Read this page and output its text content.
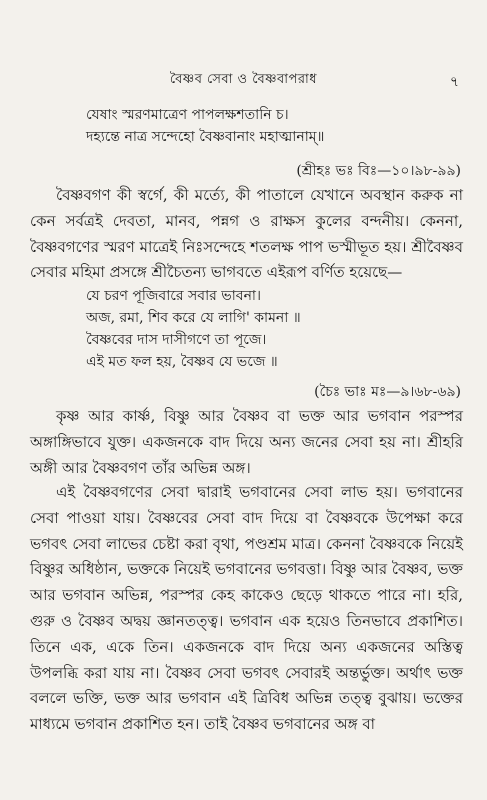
বৈষ্ণব সেবা ও বৈষ্ণবাপরাধ	৭
যেষাং স্মরণমাত্রেণ পাপলক্ষশতানি চ।
দহ্যন্তে নাত্র সন্দেহো বৈষ্ণবানাং মহাত্মানাম্‌॥
(শ্রীহঃ ভঃ বিঃ—১০।৯৮-৯৯)
বৈষ্ণবগণ কী স্বর্গে, কী মর্ত্যে, কী পাতালে যেখানে অবস্থান করুক না কেন সর্বত্রই দেবতা, মানব, পন্নগ ও রাক্ষস কুলের বন্দনীয়। কেননা, বৈষ্ণবগণের স্মরণ মাত্রেই নিঃসন্দেহে শতলক্ষ পাপ ভস্মীভূত হয়। শ্রীবৈষ্ণব সেবার মহিমা প্রসঙ্গে শ্রীচৈতন্য ভাগবতে এইরূপ বর্ণিত হয়েছে—
যে চরণ পূজিবারে সবার ভাবনা।
অজ, রমা, শিব করে যে লাগি' কামনা ॥
বৈষ্ণবের দাস দাসীগণে তা পূজে।
এই মত ফল হয়, বৈষ্ণব যে ভজে ॥
(চৈঃ ভাঃ মঃ—৯।৬৮-৬৯)
কৃষ্ণ আর কার্ষ্ণ, বিষ্ণু আর বৈষ্ণব বা ভক্ত আর ভগবান পরস্পর অঙ্গাঙ্গিভাবে যুক্ত। একজনকে বাদ দিয়ে অন্য জনের সেবা হয় না। শ্রীহরি অঙ্গী আর বৈষ্ণবগণ তাঁর অভিন্ন অঙ্গ।
এই বৈষ্ণবগণের সেবা দ্বারাই ভগবানের সেবা লাভ হয়। ভগবানের সেবা পাওয়া যায়। বৈষ্ণবের সেবা বাদ দিয়ে বা বৈষ্ণবকে উপেক্ষা করে ভগবৎ সেবা লাভের চেষ্টা করা বৃথা, পণ্ডশ্রম মাত্র। কেননা বৈষ্ণবকে নিয়েই বিষ্ণুর অধিষ্ঠান, ভক্তকে নিয়েই ভগবানের ভগবত্তা। বিষ্ণু আর বৈষ্ণব, ভক্ত আর ভগবান অভিন্ন, পরস্পর কেহ কাকেও ছেড়ে থাকতে পারে না। হরি, গুরু ও বৈষ্ণব অদ্বয় জ্ঞানতত্ত্ব। ভগবান এক হয়েও তিনভাবে প্রকাশিত। তিনে এক, একে তিন। একজনকে বাদ দিয়ে অন্য একজনের অস্তিত্ব উপলব্ধি করা যায় না। বৈষ্ণব সেবা ভগবৎ সেবারই অন্তর্ভুক্ত। অর্থাৎ ভক্ত বললে ভক্তি, ভক্ত আর ভগবান এই ত্রিবিধ অভিন্ন তত্ত্ব বুঝায়। ভক্তের মাধ্যমে ভগবান প্রকাশিত হন। তাই বৈষ্ণব ভগবানের অঙ্গ বা
